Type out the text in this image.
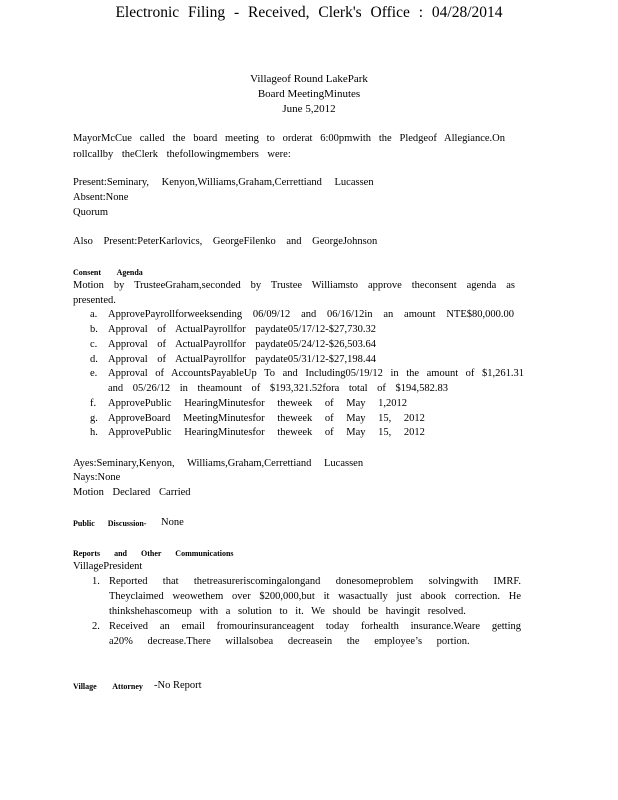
Electronic Filing - Received, Clerk's Office : 04/28/2014
Villageof Round LakePark
Board MeetingMinutes
June 5,2012
MayorMcCue called the board meeting to orderat 6:00pmwith the Pledgeof Allegiance.On
rollcallby theClerk thefollowingmembers were:
Present:Seminary, Kenyon,Williams,Graham,Cerrettiand Lucassen
Absent:None
Quorum
Also Present:PeterKarlovics, GeorgeFilenko and GeorgeJohnson
Consent Agenda
Motion by TrusteeGraham,seconded by Trustee Williamsto approve theconsent agenda as
presented.
a. ApprovePayrollforweeksending 06/09/12 and 06/16/12in an amount NTE$80,000.00
b. Approval of ActualPayrollfor paydate05/17/12-$27,730.32
c. Approval of ActualPayrollfor paydate05/24/12-$26,503.64
d. Approval of ActualPayrollfor paydate05/31/12-$27,198.44
e. Approval of AccountsPayableUp To and Including05/19/12 in the amount of $1,261.31
and 05/26/12 in theamount of $193,321.52fora total of $194,582.83
f. ApprovePublic HearingMinutesfor theweek of May 1,2012
g. ApproveBoard MeetingMinutesfor theweek of May 15, 2012
h. ApprovePublic HearingMinutesfor theweek of May 15, 2012
Ayes:Seminary,Kenyon, Williams,Graham,Cerrettiand Lucassen
Nays:None
Motion Declared Carried
Public Discussion- None
Reports and Other Communications
VillagePresident
1. Reported that thetreasureriscomingalongand donesomeproblem solvingwith IMRF.
Theyclaimed weowethem over $200,000,but it wasactually just abook correction. He
thinkshehascomeup with a solution to it. We should be havingit resolved.
2. Received an email fromourinsuranceagent today forhealth insurance.Weare getting
a20% decrease.There willalsobea decreasein the employee’s portion.
Village Attorney -No Report
